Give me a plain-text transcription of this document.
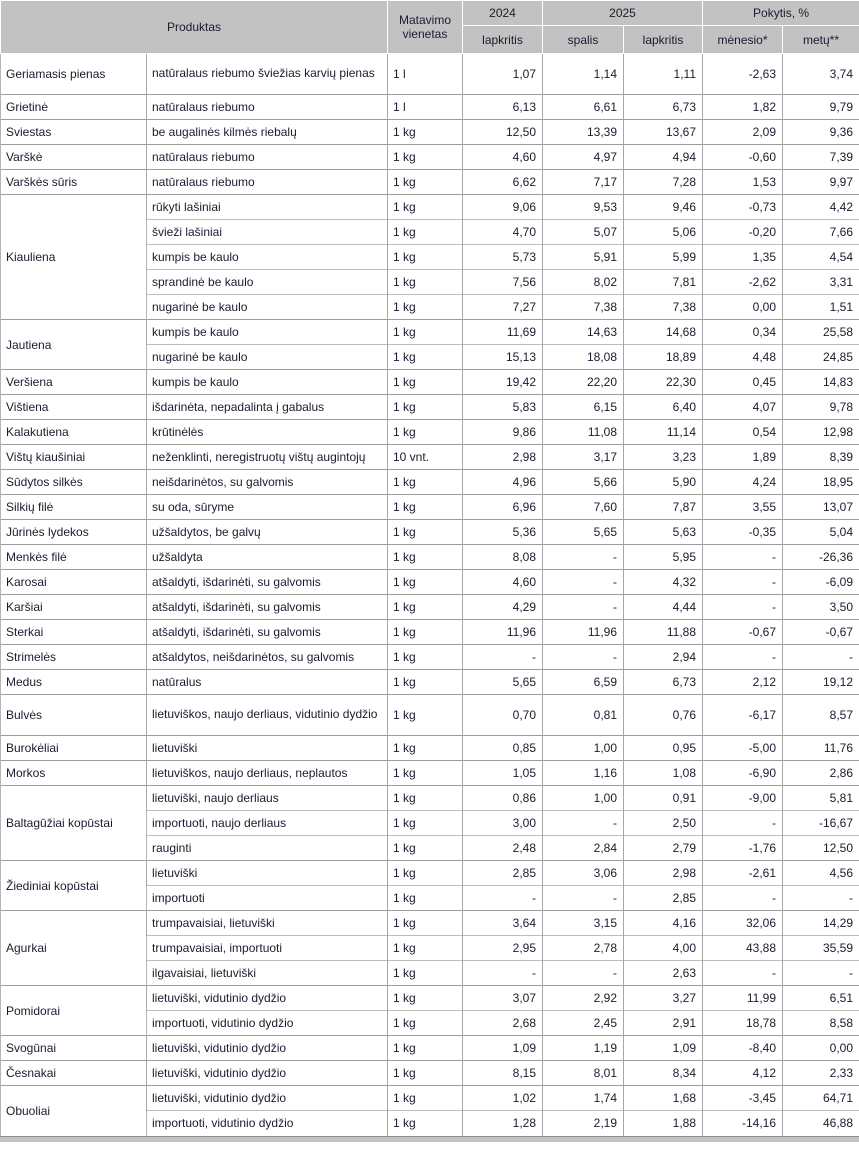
Produktas		Matavimo vienetas	2024	2025		Pokytis, %	
			lapkritis	spalis	lapkritis	mėnesio*	metų**
Geriamasis pienas	natūralaus riebumo šviežias karvių pienas	1 l	1,07	1,14	1,11	-2,63	3,74
Grietinė	natūralaus riebumo	1 l	6,13	6,61	6,73	1,82	9,79
Sviestas	be augalinės kilmės riebalų	1 kg	12,50	13,39	13,67	2,09	9,36
Varškė	natūralaus riebumo	1 kg	4,60	4,97	4,94	-0,60	7,39
Varškės sūris	natūralaus riebumo	1 kg	6,62	7,17	7,28	1,53	9,97
Kiauliena	rūkyti lašiniai	1 kg	9,06	9,53	9,46	-0,73	4,42
	švieži lašiniai	1 kg	4,70	5,07	5,06	-0,20	7,66
	kumpis be kaulo	1 kg	5,73	5,91	5,99	1,35	4,54
	sprandinė be kaulo	1 kg	7,56	8,02	7,81	-2,62	3,31
	nugarinė be kaulo	1 kg	7,27	7,38	7,38	0,00	1,51
Jautiena	kumpis be kaulo	1 kg	11,69	14,63	14,68	0,34	25,58
	nugarinė be kaulo	1 kg	15,13	18,08	18,89	4,48	24,85
Veršiena	kumpis be kaulo	1 kg	19,42	22,20	22,30	0,45	14,83
Vištiena	išdarinėta, nepadalinta į gabalus	1 kg	5,83	6,15	6,40	4,07	9,78
Kalakutiena	krūtinėlės	1 kg	9,86	11,08	11,14	0,54	12,98
Vištų kiaušiniai	neženklinti, neregistruotų vištų augintojų	10 vnt.	2,98	3,17	3,23	1,89	8,39
Sūdytos silkės	neišdarinėtos, su galvomis	1 kg	4,96	5,66	5,90	4,24	18,95
Silkių filė	su oda, sūryme	1 kg	6,96	7,60	7,87	3,55	13,07
Jūrinės lydekos	užšaldytos, be galvų	1 kg	5,36	5,65	5,63	-0,35	5,04
Menkės filė	užšaldyta	1 kg	8,08	-	5,95	-	-26,36
Karosai	atšaldyti, išdarinėti, su galvomis	1 kg	4,60	-	4,32	-	-6,09
Karšiai	atšaldyti, išdarinėti, su galvomis	1 kg	4,29	-	4,44	-	3,50
Sterkai	atšaldyti, išdarinėti, su galvomis	1 kg	11,96	11,96	11,88	-0,67	-0,67
Strimelės	atšaldytos, neišdarinėtos, su galvomis	1 kg	-	-	2,94	-	-
Medus	natūralus	1 kg	5,65	6,59	6,73	2,12	19,12
Bulvės	lietuviškos, naujo derliaus, vidutinio dydžio	1 kg	0,70	0,81	0,76	-6,17	8,57
Burokėliai	lietuviški	1 kg	0,85	1,00	0,95	-5,00	11,76
Morkos	lietuviškos, naujo derliaus, neplautos	1 kg	1,05	1,16	1,08	-6,90	2,86
Baltagūžiai kopūstai	lietuviški, naujo derliaus	1 kg	0,86	1,00	0,91	-9,00	5,81
	importuoti, naujo derliaus	1 kg	3,00	-	2,50	-	-16,67
	rauginti	1 kg	2,48	2,84	2,79	-1,76	12,50
Žiediniai kopūstai	lietuviški	1 kg	2,85	3,06	2,98	-2,61	4,56
	importuoti	1 kg	-	-	2,85	-	-
Agurkai	trumpavaisiai, lietuviški	1 kg	3,64	3,15	4,16	32,06	14,29
	trumpavaisiai, importuoti	1 kg	2,95	2,78	4,00	43,88	35,59
	ilgavaisiai, lietuviški	1 kg	-	-	2,63	-	-
Pomidorai	lietuviški, vidutinio dydžio	1 kg	3,07	2,92	3,27	11,99	6,51
	importuoti, vidutinio dydžio	1 kg	2,68	2,45	2,91	18,78	8,58
Svogūnai	lietuviški, vidutinio dydžio	1 kg	1,09	1,19	1,09	-8,40	0,00
Česnakai	lietuviški, vidutinio dydžio	1 kg	8,15	8,01	8,34	4,12	2,33
Obuoliai	lietuviški, vidutinio dydžio	1 kg	1,02	1,74	1,68	-3,45	64,71
	importuoti, vidutinio dydžio	1 kg	1,28	2,19	1,88	-14,16	46,88
